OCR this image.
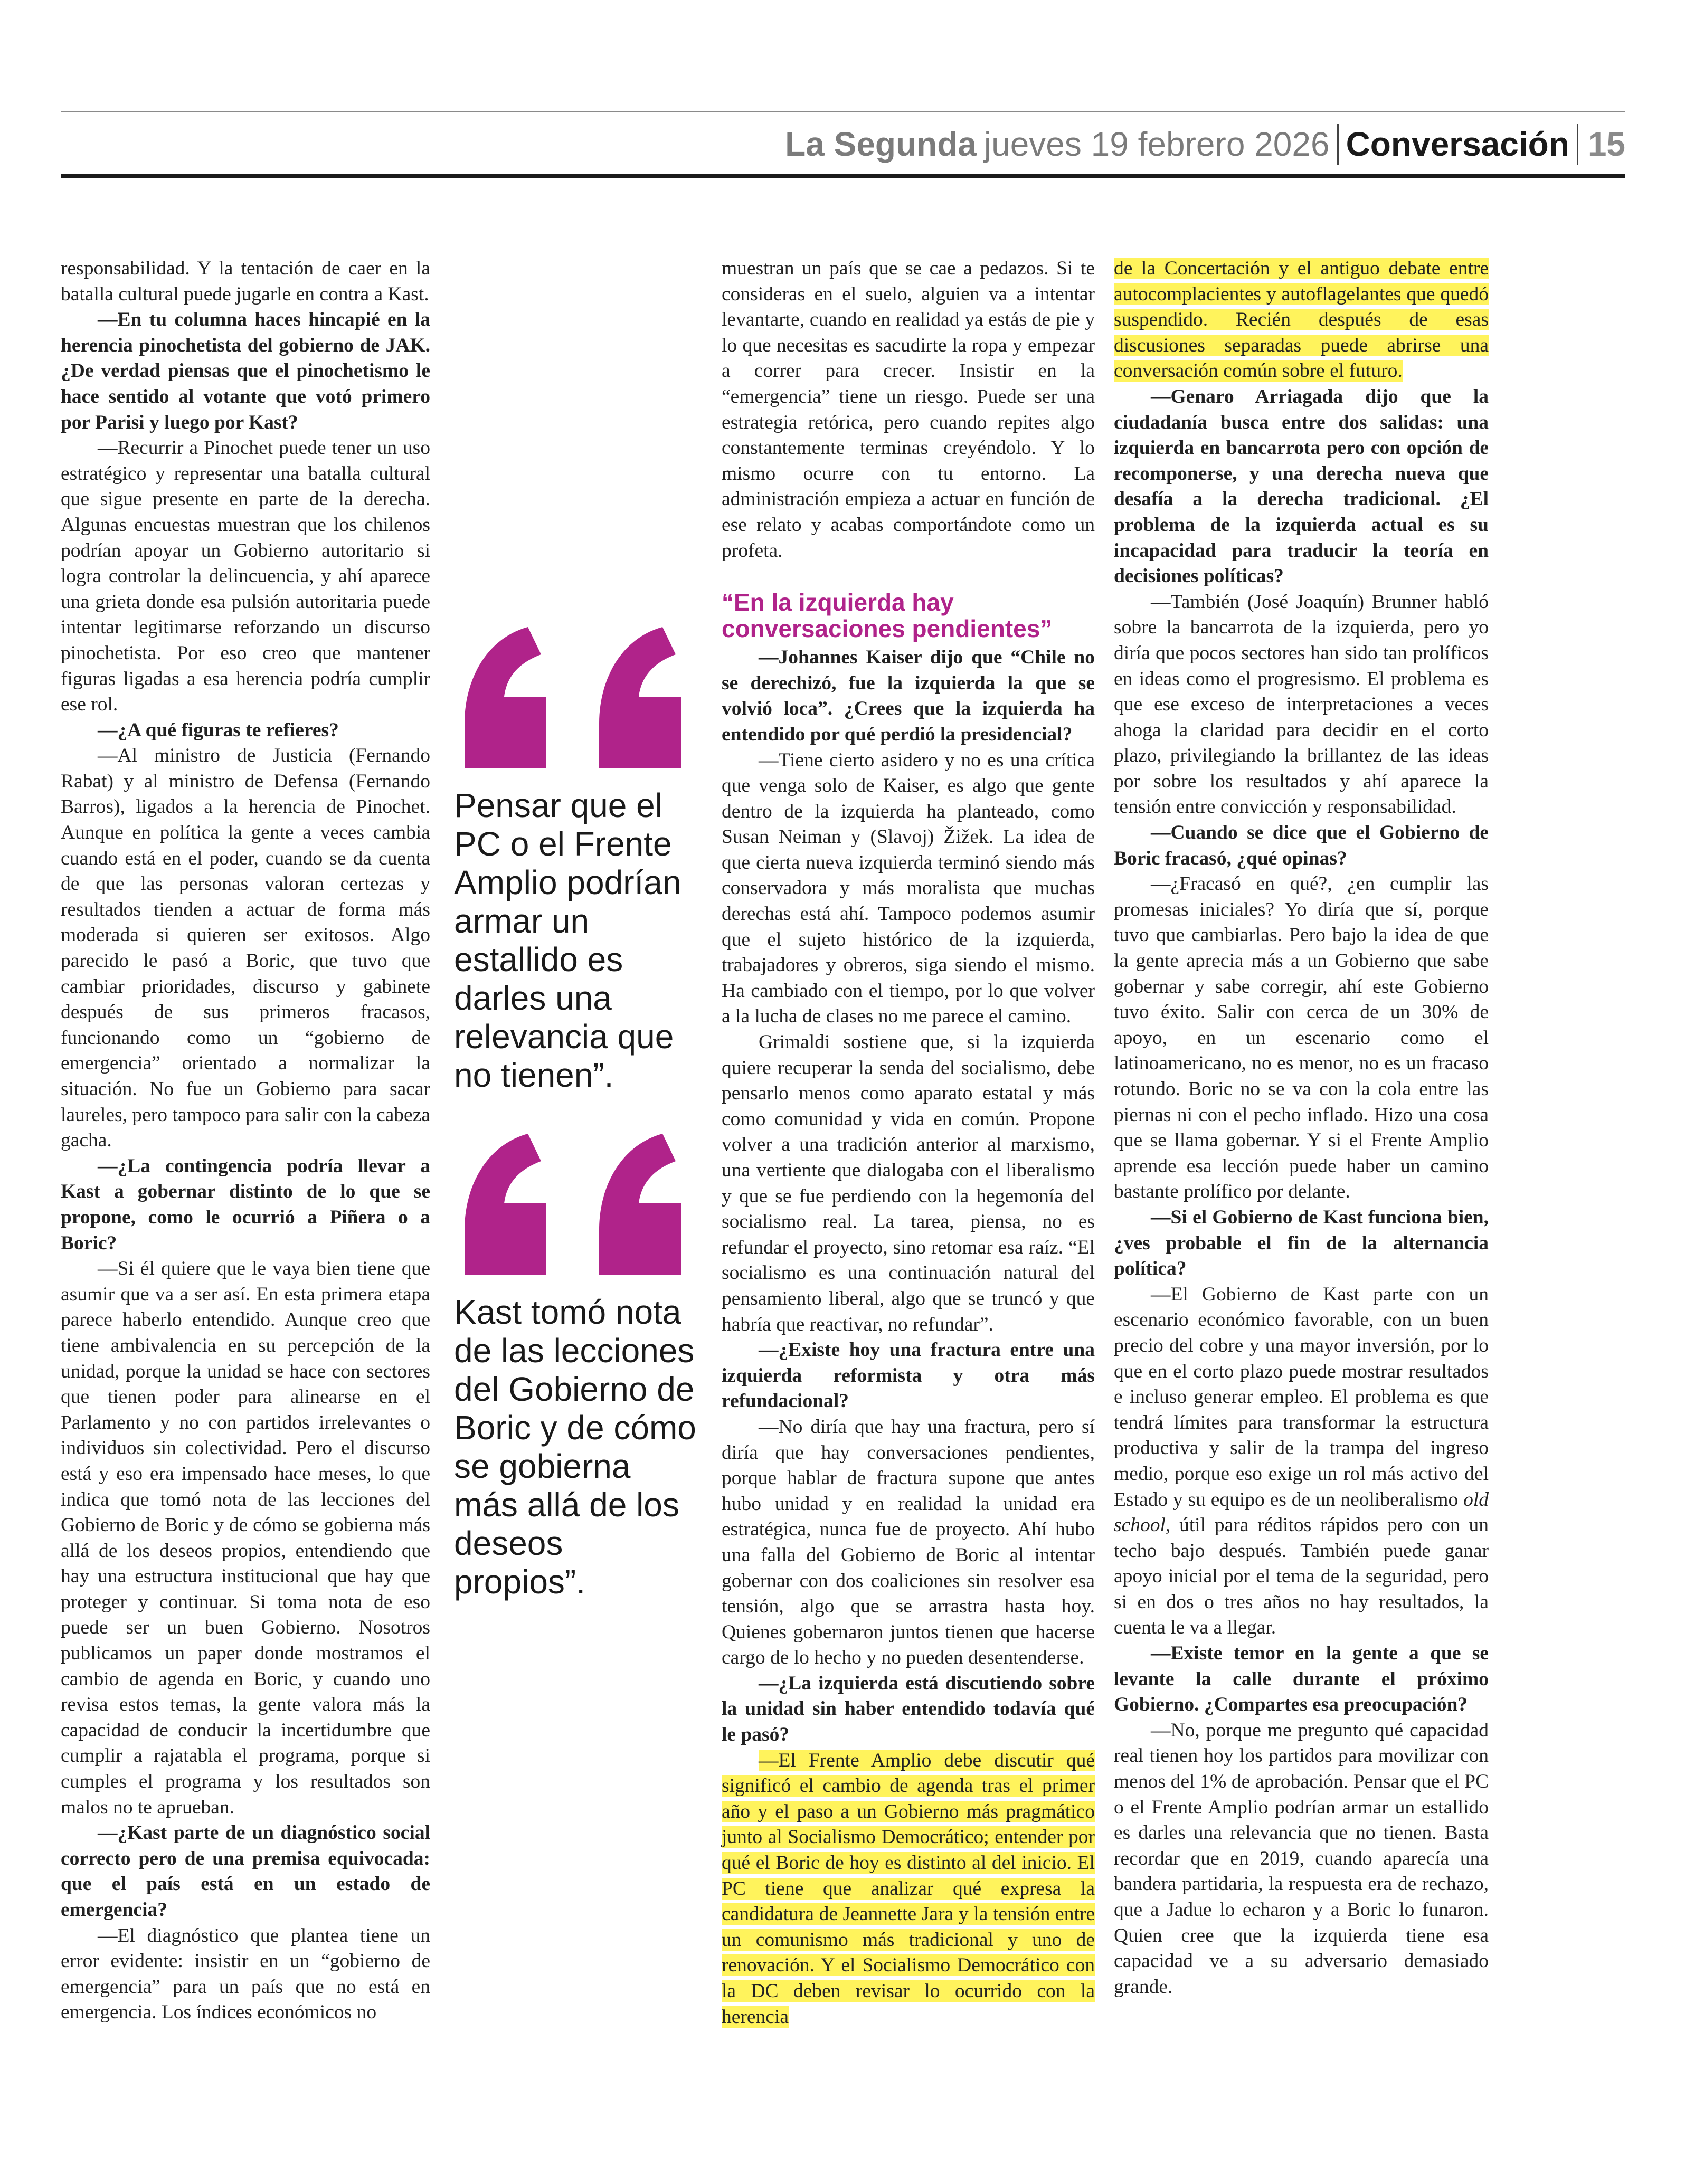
La Segunda jueves 19 febrero 2026 Conversación 15

responsabilidad. Y la tentación de caer en la batalla cultural puede jugarle en contra a Kast.

—En tu columna haces hincapié en la herencia pinochetista del gobierno de JAK. ¿De verdad piensas que el pinochetismo le hace sentido al votante que votó primero por Parisi y luego por Kast?

—Recurrir a Pinochet puede tener un uso estratégico y representar una batalla cultural que sigue presente en parte de la derecha. Algunas encuestas muestran que los chilenos podrían apoyar un Gobierno autoritario si logra controlar la delincuencia, y ahí aparece una grieta donde esa pulsión autoritaria puede intentar legitimarse reforzando un discurso pinochetista. Por eso creo que mantener figuras ligadas a esa herencia podría cumplir ese rol.

—¿A qué figuras te refieres?

—Al ministro de Justicia (Fernando Rabat) y al ministro de Defensa (Fernando Barros), ligados a la herencia de Pinochet. Aunque en política la gente a veces cambia cuando está en el poder, cuando se da cuenta de que las personas valoran certezas y resultados tienden a actuar de forma más moderada si quieren ser exitosos. Algo parecido le pasó a Boric, que tuvo que cambiar prioridades, discurso y gabinete después de sus primeros fracasos, funcionando como un “gobierno de emergencia” orientado a normalizar la situación. No fue un Gobierno para sacar laureles, pero tampoco para salir con la cabeza gacha.

—¿La contingencia podría llevar a Kast a gobernar distinto de lo que se propone, como le ocurrió a Piñera o a Boric?

—Si él quiere que le vaya bien tiene que asumir que va a ser así. En esta primera etapa parece haberlo entendido. Aunque creo que tiene ambivalencia en su percepción de la unidad, porque la unidad se hace con sectores que tienen poder para alinearse en el Parlamento y no con partidos irrelevantes o individuos sin colectividad. Pero el discurso está y eso era impensado hace meses, lo que indica que tomó nota de las lecciones del Gobierno de Boric y de cómo se gobierna más allá de los deseos propios, entendiendo que hay una estructura institucional que hay que proteger y continuar. Si toma nota de eso puede ser un buen Gobierno. Nosotros publicamos un paper donde mostramos el cambio de agenda en Boric, y cuando uno revisa estos temas, la gente valora más la capacidad de conducir la incertidumbre que cumplir a rajatabla el programa, porque si cumples el programa y los resultados son malos no te aprueban.

—¿Kast parte de un diagnóstico social correcto pero de una premisa equivocada: que el país está en un estado de emergencia?

—El diagnóstico que plantea tiene un error evidente: insistir en un “gobierno de emergencia” para un país que no está en emergencia. Los índices económicos no

Pensar que el PC o el Frente Amplio podrían armar un estallido es darles una relevancia que no tienen”.
Kast tomó nota de las lecciones del Gobierno de Boric y de cómo se gobierna más allá de los deseos propios”.

muestran un país que se cae a pedazos. Si te consideras en el suelo, alguien va a intentar levantarte, cuando en realidad ya estás de pie y lo que necesitas es sacudirte la ropa y empezar a correr para crecer. Insistir en la “emergencia” tiene un riesgo. Puede ser una estrategia retórica, pero cuando repites algo constantemente terminas creyéndolo. Y lo mismo ocurre con tu entorno. La administración empieza a actuar en función de ese relato y acabas comportándote como un profeta.

“En la izquierda hay conversaciones pendientes”

—Johannes Kaiser dijo que “Chile no se derechizó, fue la izquierda la que se volvió loca”. ¿Crees que la izquierda ha entendido por qué perdió la presidencial?

—Tiene cierto asidero y no es una crítica que venga solo de Kaiser, es algo que gente dentro de la izquierda ha planteado, como Susan Neiman y (Slavoj) Žižek. La idea de que cierta nueva izquierda terminó siendo más conservadora y más moralista que muchas derechas está ahí. Tampoco podemos asumir que el sujeto histórico de la izquierda, trabajadores y obreros, siga siendo el mismo. Ha cambiado con el tiempo, por lo que volver a la lucha de clases no me parece el camino.

Grimaldi sostiene que, si la izquierda quiere recuperar la senda del socialismo, debe pensarlo menos como aparato estatal y más como comunidad y vida en común. Propone volver a una tradición anterior al marxismo, una vertiente que dialogaba con el liberalismo y que se fue perdiendo con la hegemonía del socialismo real. La tarea, piensa, no es refundar el proyecto, sino retomar esa raíz. “El socialismo es una continuación natural del pensamiento liberal, algo que se truncó y que habría que reactivar, no refundar”.

—¿Existe hoy una fractura entre una izquierda reformista y otra más refundacional?

—No diría que hay una fractura, pero sí diría que hay conversaciones pendientes, porque hablar de fractura supone que antes hubo unidad y en realidad la unidad era estratégica, nunca fue de proyecto. Ahí hubo una falla del Gobierno de Boric al intentar gobernar con dos coaliciones sin resolver esa tensión, algo que se arrastra hasta hoy. Quienes gobernaron juntos tienen que hacerse cargo de lo hecho y no pueden desentenderse.

—¿La izquierda está discutiendo sobre la unidad sin haber entendido todavía qué le pasó?

—El Frente Amplio debe discutir qué significó el cambio de agenda tras el primer año y el paso a un Gobierno más pragmático junto al Socialismo Democrático; entender por qué el Boric de hoy es distinto al del inicio. El PC tiene que analizar qué expresa la candidatura de Jeannette Jara y la tensión entre un comunismo más tradicional y uno de renovación. Y el Socialismo Democrático con la DC deben revisar lo ocurrido con la herencia

de la Concertación y el antiguo debate entre autocomplacientes y autoflagelantes que quedó suspendido. Recién después de esas discusiones separadas puede abrirse una conversación común sobre el futuro.

—Genaro Arriagada dijo que la ciudadanía busca entre dos salidas: una izquierda en bancarrota pero con opción de recomponerse, y una derecha nueva que desafía a la derecha tradicional. ¿El problema de la izquierda actual es su incapacidad para traducir la teoría en decisiones políticas?

—También (José Joaquín) Brunner habló sobre la bancarrota de la izquierda, pero yo diría que pocos sectores han sido tan prolíficos en ideas como el progresismo. El problema es que ese exceso de interpretaciones a veces ahoga la claridad para decidir en el corto plazo, privilegiando la brillantez de las ideas por sobre los resultados y ahí aparece la tensión entre convicción y responsabilidad.

—Cuando se dice que el Gobierno de Boric fracasó, ¿qué opinas?

—¿Fracasó en qué?, ¿en cumplir las promesas iniciales? Yo diría que sí, porque tuvo que cambiarlas. Pero bajo la idea de que la gente aprecia más a un Gobierno que sabe gobernar y sabe corregir, ahí este Gobierno tuvo éxito. Salir con cerca de un 30% de apoyo, en un escenario como el latinoamericano, no es menor, no es un fracaso rotundo. Boric no se va con la cola entre las piernas ni con el pecho inflado. Hizo una cosa que se llama gobernar. Y si el Frente Amplio aprende esa lección puede haber un camino bastante prolífico por delante.

—Si el Gobierno de Kast funciona bien, ¿ves probable el fin de la alternancia política?

—El Gobierno de Kast parte con un escenario económico favorable, con un buen precio del cobre y una mayor inversión, por lo que en el corto plazo puede mostrar resultados e incluso generar empleo. El problema es que tendrá límites para transformar la estructura productiva y salir de la trampa del ingreso medio, porque eso exige un rol más activo del Estado y su equipo es de un neoliberalismo old school, útil para réditos rápidos pero con un techo bajo después. También puede ganar apoyo inicial por el tema de la seguridad, pero si en dos o tres años no hay resultados, la cuenta le va a llegar.

—Existe temor en la gente a que se levante la calle durante el próximo Gobierno. ¿Compartes esa preocupación?

—No, porque me pregunto qué capacidad real tienen hoy los partidos para movilizar con menos del 1% de aprobación. Pensar que el PC o el Frente Amplio podrían armar un estallido es darles una relevancia que no tienen. Basta recordar que en 2019, cuando aparecía una bandera partidaria, la respuesta era de rechazo, que a Jadue lo echaron y a Boric lo funaron. Quien cree que la izquierda tiene esa capacidad ve a su adversario demasiado grande.
